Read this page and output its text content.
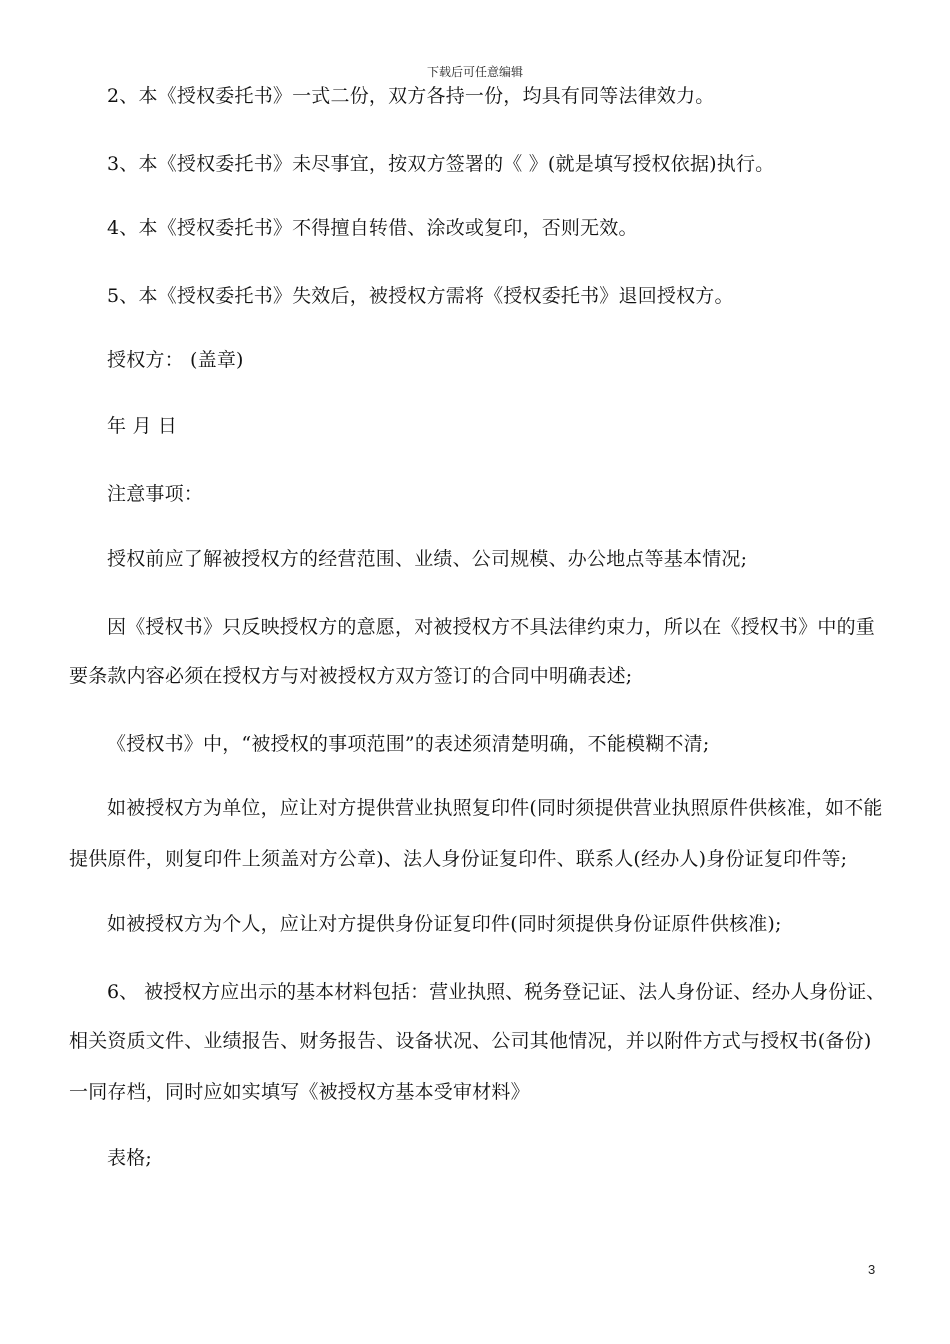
下载后可任意编辑
2、本《授权委托书》一式二份，双方各持一份，均具有同等法律效力。
3、本《授权委托书》未尽事宜，按双方签署的《 》(就是填写授权依据)执行。
4、本《授权委托书》不得擅自转借、涂改或复印，否则无效。
5、本《授权委托书》失效后，被授权方需将《授权委托书》退回授权方。
授权方： (盖章)
年 月 日
注意事项：
授权前应了解被授权方的经营范围、业绩、公司规模、办公地点等基本情况;
因《授权书》只反映授权方的意愿，对被授权方不具法律约束力，所以在《授权书》中的重
要条款内容必须在授权方与对被授权方双方签订的合同中明确表述;
《授权书》中，“被授权的事项范围”的表述须清楚明确，不能模糊不清;
如被授权方为单位，应让对方提供营业执照复印件(同时须提供营业执照原件供核准，如不能
提供原件，则复印件上须盖对方公章)、法人身份证复印件、联系人(经办人)身份证复印件等;
如被授权方为个人，应让对方提供身份证复印件(同时须提供身份证原件供核准);
6、 被授权方应出示的基本材料包括：营业执照、税务登记证、法人身份证、经办人身份证、
相关资质文件、业绩报告、财务报告、设备状况、公司其他情况，并以附件方式与授权书(备份)
一同存档，同时应如实填写《被授权方基本受审材料》
表格;
3
